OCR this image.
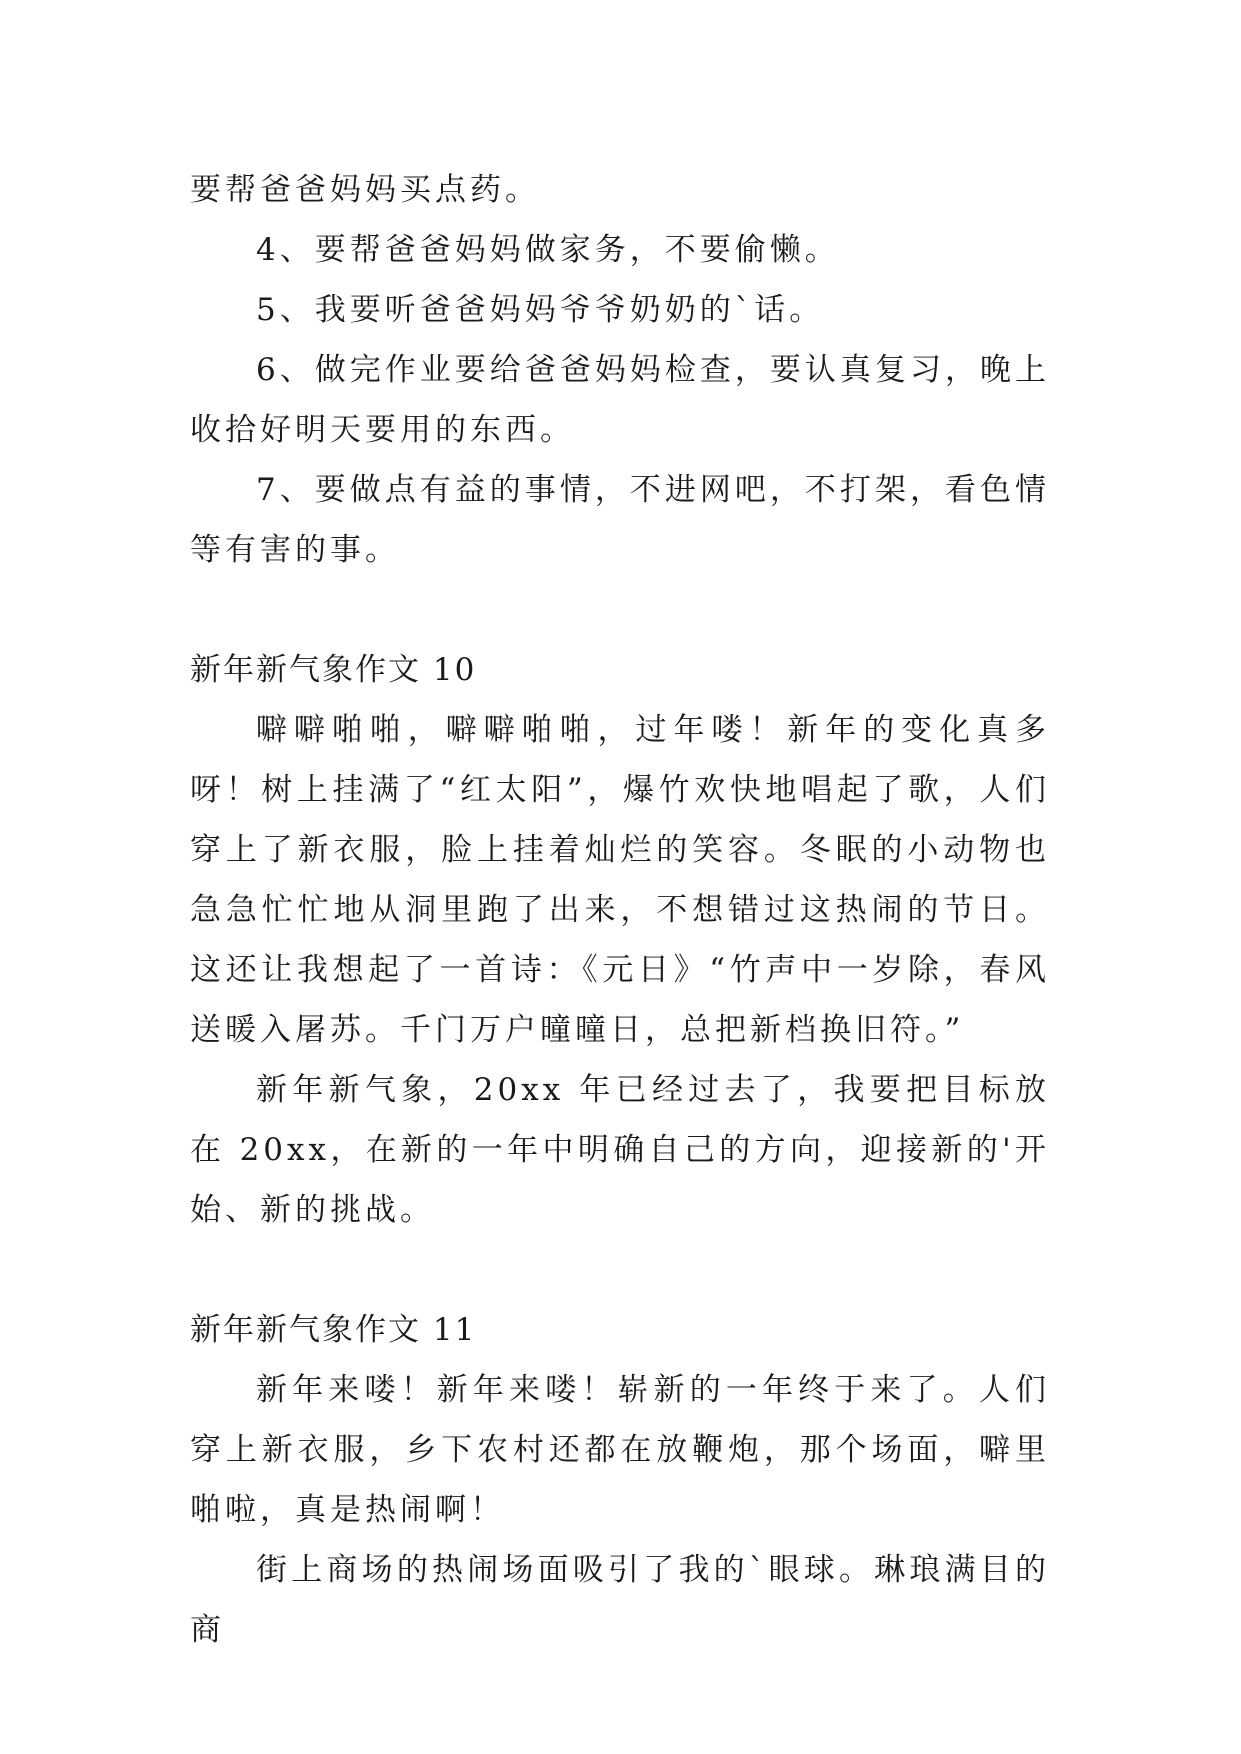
要帮爸爸妈妈买点药。

4、要帮爸爸妈妈做家务，不要偷懒。

5、我要听爸爸妈妈爷爷奶奶的`话。

6、做完作业要给爸爸妈妈检查，要认真复习，晚上收拾好明天要用的东西。

7、要做点有益的事情，不进网吧，不打架，看色情等有害的事。

新年新气象作文 10

噼噼啪啪，噼噼啪啪，过年喽！新年的变化真多呀！树上挂满了“红太阳”，爆竹欢快地唱起了歌，人们穿上了新衣服，脸上挂着灿烂的笑容。冬眠的小动物也急急忙忙地从洞里跑了出来，不想错过这热闹的节日。这还让我想起了一首诗：《元日》“竹声中一岁除，春风送暖入屠苏。千门万户曈曈日，总把新档换旧符。”

新年新气象，20xx 年已经过去了，我要把目标放在 20xx，在新的一年中明确自己的方向，迎接新的'开始、新的挑战。

新年新气象作文 11

新年来喽！新年来喽！崭新的一年终于来了。人们穿上新衣服，乡下农村还都在放鞭炮，那个场面，噼里啪啦，真是热闹啊！

街上商场的热闹场面吸引了我的`眼球。琳琅满目的商
